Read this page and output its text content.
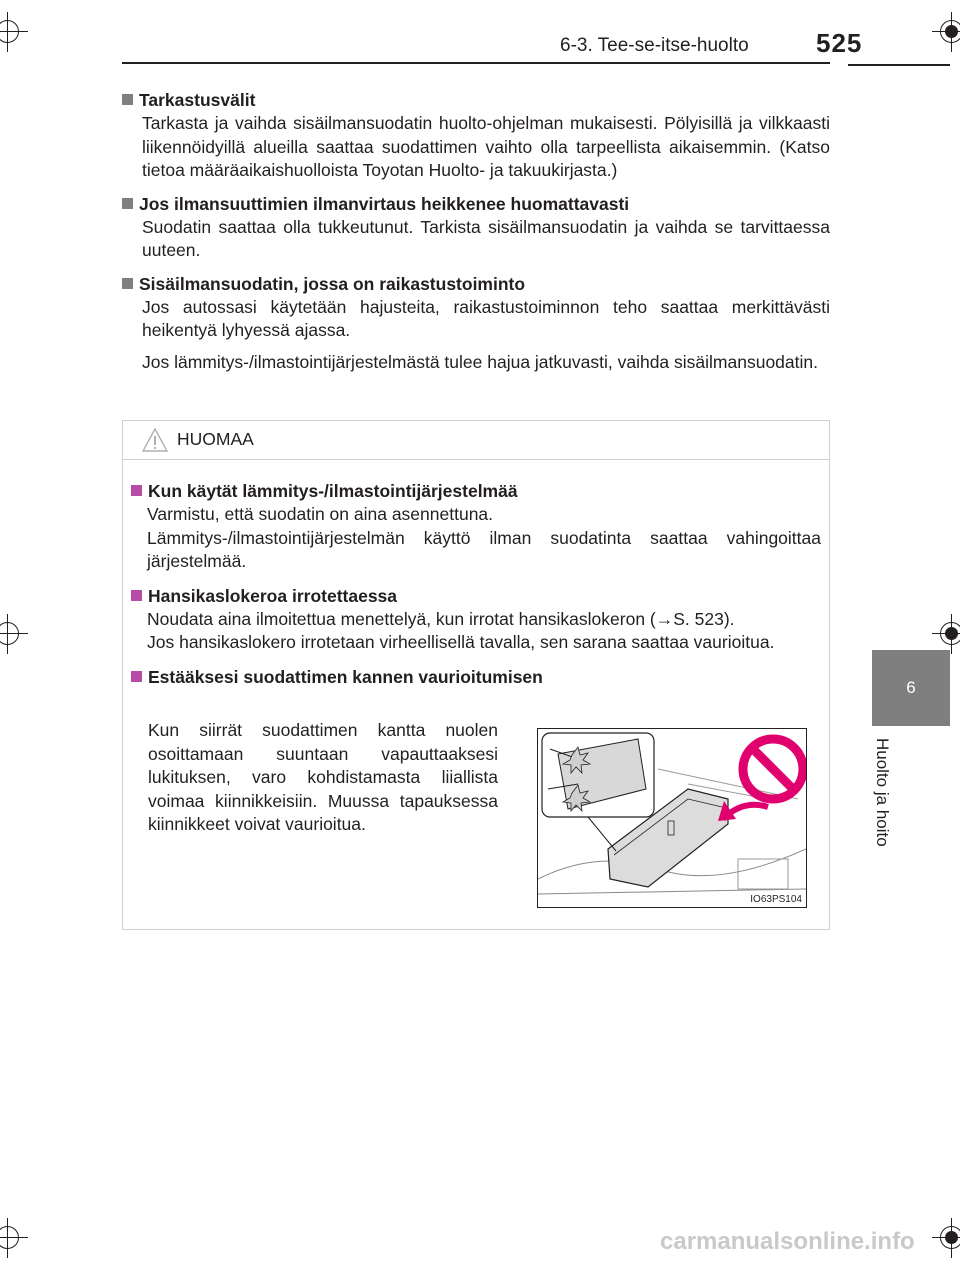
6-3. Tee-se-itse-huolto	525
6
Huolto ja hoito
Tarkastusvälit
Tarkasta ja vaihda sisäilmansuodatin huolto-ohjelman mukaisesti. Pölyisillä ja vilkkaasti liikennöidyillä alueilla saattaa suodattimen vaihto olla tarpeellista aikaisemmin. (Katso tietoa määräaikaishuolloista Toyotan Huolto- ja takuukirjasta.)
Jos ilmansuuttimien ilmanvirtaus heikkenee huomattavasti
Suodatin saattaa olla tukkeutunut. Tarkista sisäilmansuodatin ja vaihda se tarvittaessa uuteen.
Sisäilmansuodatin, jossa on raikastustoiminto
Jos autossasi käytetään hajusteita, raikastustoiminnon teho saattaa merkittävästi heikentyä lyhyessä ajassa.
Jos lämmitys-/ilmastointijärjestelmästä tulee hajua jatkuvasti, vaihda sisäilmansuodatin.
HUOMAA
Kun käytät lämmitys-/ilmastointijärjestelmää
Varmistu, että suodatin on aina asennettuna.
Lämmitys-/ilmastointijärjestelmän käyttö ilman suodatinta saattaa vahingoittaa järjestelmää.
Hansikaslokeroa irrotettaessa
Noudata aina ilmoitettua menettelyä, kun irrotat hansikaslokeron (→S. 523).
Jos hansikaslokero irrotetaan virheellisellä tavalla, sen sarana saattaa vaurioitua.
Estääksesi suodattimen kannen vaurioitumisen
Kun siirrät suodattimen kantta nuolen osoittamaan suuntaan vapauttaaksesi lukituksen, varo kohdistamasta liiallista voimaa kiinnikkeisiin. Muussa tapauksessa kiinnikkeet voivat vaurioitua.
IO63PS104
carmanualsonline.info
